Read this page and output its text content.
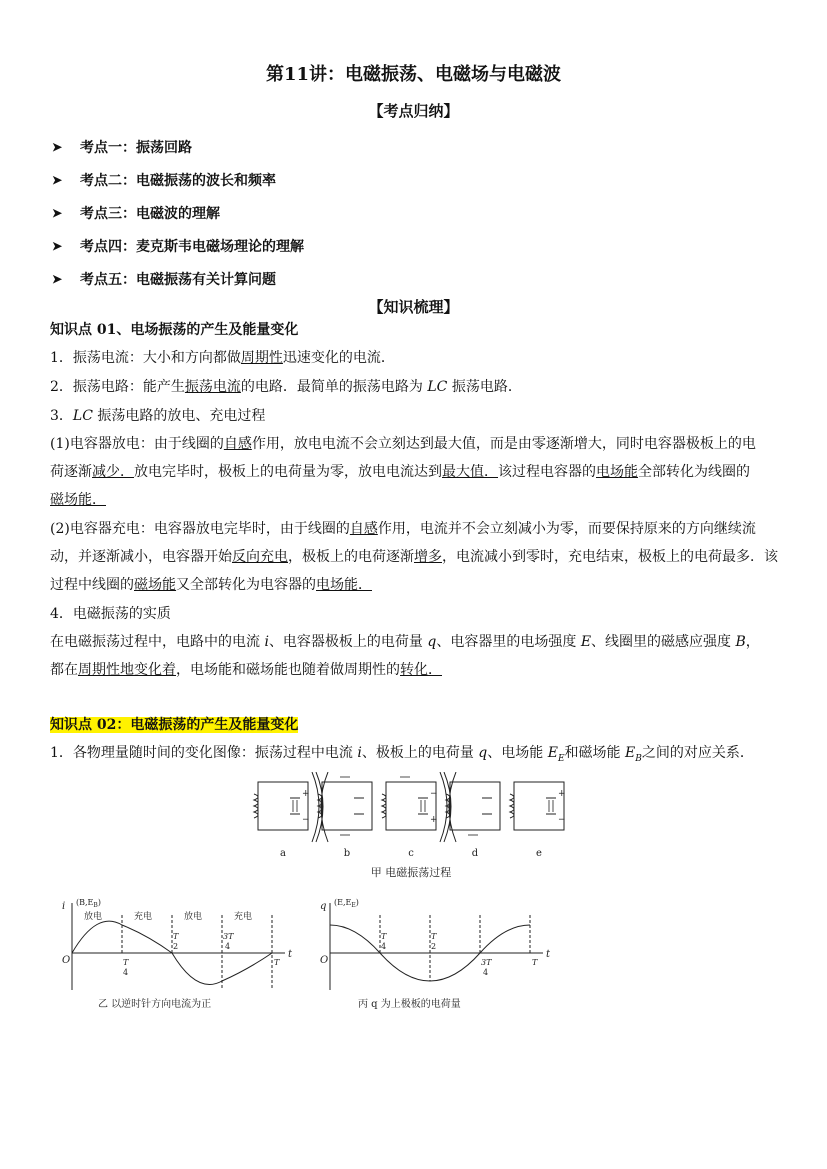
第11讲：电磁振荡、电磁场与电磁波
【考点归纳】
➤	考点一：振荡回路
➤	考点二：电磁振荡的波长和频率
➤	考点三：电磁波的理解
➤	考点四：麦克斯韦电磁场理论的理解
➤	考点五：电磁振荡有关计算问题
【知识梳理】
知识点 01、电场振荡的产生及能量变化
1．振荡电流：大小和方向都做周期性迅速变化的电流．
2．振荡电路：能产生振荡电流的电路．最简单的振荡电路为 LC 振荡电路．
3．LC 振荡电路的放电、充电过程
(1)电容器放电：由于线圈的自感作用，放电电流不会立刻达到最大值，而是由零逐渐增大，同时电容器极板上的电
荷逐渐减少．放电完毕时，极板上的电荷量为零，放电电流达到最大值．该过程电容器的电场能全部转化为线圈的
磁场能．
(2)电容器充电：电容器放电完毕时，由于线圈的自感作用，电流并不会立刻减小为零，而要保持原来的方向继续流
动，并逐渐减小，电容器开始反向充电，极板上的电荷逐渐增多，电流减小到零时，充电结束，极板上的电荷最多．该
过程中线圈的磁场能又全部转化为电容器的电场能．
4．电磁振荡的实质
在电磁振荡过程中，电路中的电流 i、电容器极板上的电荷量 q、电容器里的电场强度 E、线圈里的磁感应强度 B，
都在周期性地变化着，电场能和磁场能也随着做周期性的转化．
知识点 02：电磁振荡的产生及能量变化
1．各物理量随时间的变化图像：振荡过程中电流 i、极板上的电荷量 q、电场能 $E_E$和磁场能 $E_B$之间的对应关系．
+
−	+
−	+
−
a	b	c	d	e
甲 电磁振荡过程
i $(B,E_B)$
O
t
放电	充电	放电	充电
T
4
T
2
3T
4
T
乙 以逆时针方向电流为正
q $(E,E_E)$
O
t
T
4
T
2
3T
4
T
丙 q 为上极板的电荷量
